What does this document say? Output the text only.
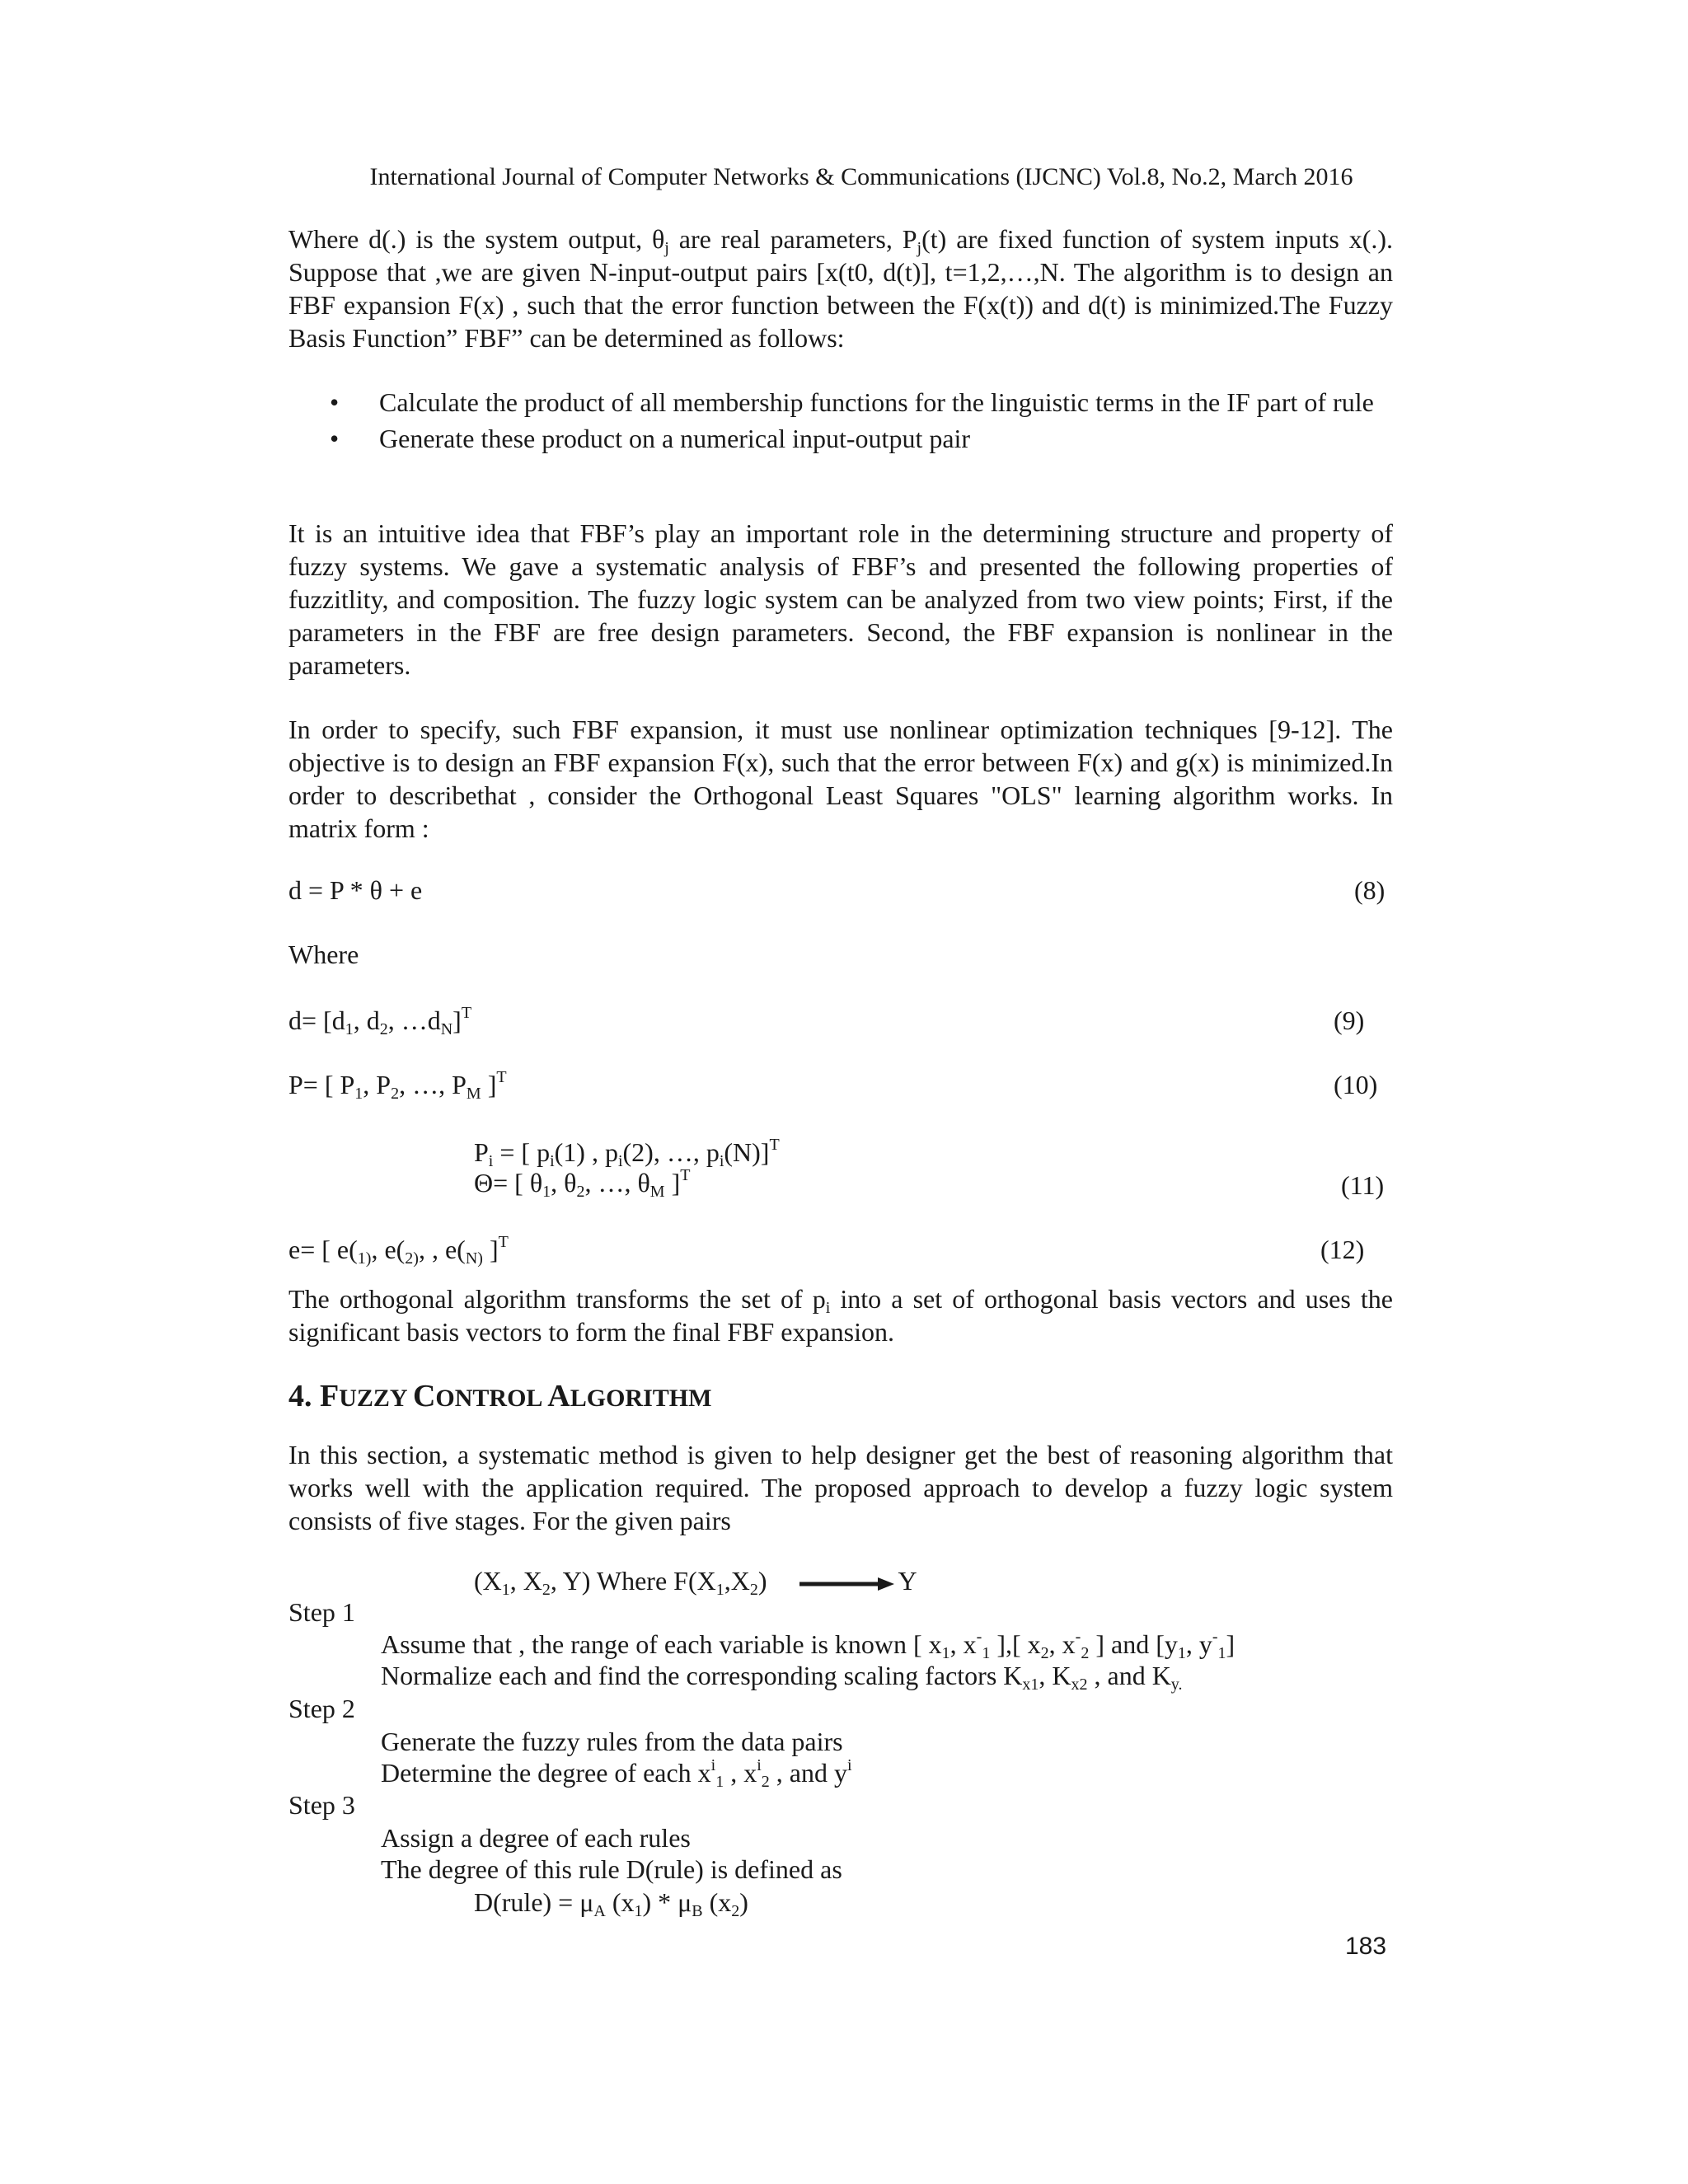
International Journal of Computer Networks & Communications (IJCNC) Vol.8, No.2, March 2016

Where d(.) is the system output, $\theta_j$ are real parameters, $P_j(t)$ are fixed function of system inputs x(.). Suppose that ,we are given N-input-output pairs [x(t0, d(t)], t=1,2,…,N. The algorithm is to design an FBF expansion F(x) , such that the error function between the F(x(t)) and d(t) is minimized.The Fuzzy Basis Function” FBF” can be determined as follows:

• Calculate the product of all membership functions for the linguistic terms in the IF part of rule
• Generate these product on a numerical input-output pair

It is an intuitive idea that FBF’s play an important role in the determining structure and property of fuzzy systems. We gave a systematic analysis of FBF’s and presented the following properties of fuzzitlity, and composition. The fuzzy logic system can be analyzed from two view points; First, if the parameters in the FBF are free design parameters. Second, the FBF expansion is nonlinear in the parameters.

In order to specify, such FBF expansion, it must use nonlinear optimization techniques [9-12]. The objective is to design an FBF expansion F(x), such that the error between F(x) and g(x) is minimized.In order to describethat , consider the Orthogonal Least Squares "OLS" learning algorithm works. In matrix form :

d = P * θ + e	(8)
Where
$d= [d_1$, $d_2$, $\dots d_N]^T$	(9)
P= [ $P_1$, $P_2$, …, $P_M$ ]$^T$	(10)
$P_i$ = [ $p_i(1)$ , $p_i(2)$, …, $p_i(N)]^T$
Θ= [ $\theta_1$, $\theta_2$, …, $\theta_M$ ]$^T$	(11)
e= [ $e(_{1)}$, $e(_{2)}$, , $e(_{N)}$ ]$^T$	(12)

The orthogonal algorithm transforms the set of $p_i$ into a set of orthogonal basis vectors and uses the significant basis vectors to form the final FBF expansion.

4. FUZZY CONTROL ALGORITHM

In this section, a systematic method is given to help designer get the best of reasoning algorithm that works well with the application required. The proposed approach to develop a fuzzy logic system consists of five stages. For the given pairs

($X_1$, $X_2$, Y) Where $F(X_1,X_2)$	Y
Step 1
Assume that , the range of each variable is known [ $x_1$, $x^-_1$ ],[ $x_2$, $x^-_2$ ] and [$y_1$, $y^-_1$]
Normalize each and find the corresponding scaling factors $K_{x1}$, $K_{x2}$ , and $K_{y.}$
Step 2
Generate the fuzzy rules from the data pairs
Determine the degree of each $x^i_1$ , $x^i_2$ , and $y^i$
Step 3
Assign a degree of each rules
The degree of this rule D(rule) is defined as
D(rule) = $\mu_A$ $(x_1) * \mu_B$ $(x_2)$
183
